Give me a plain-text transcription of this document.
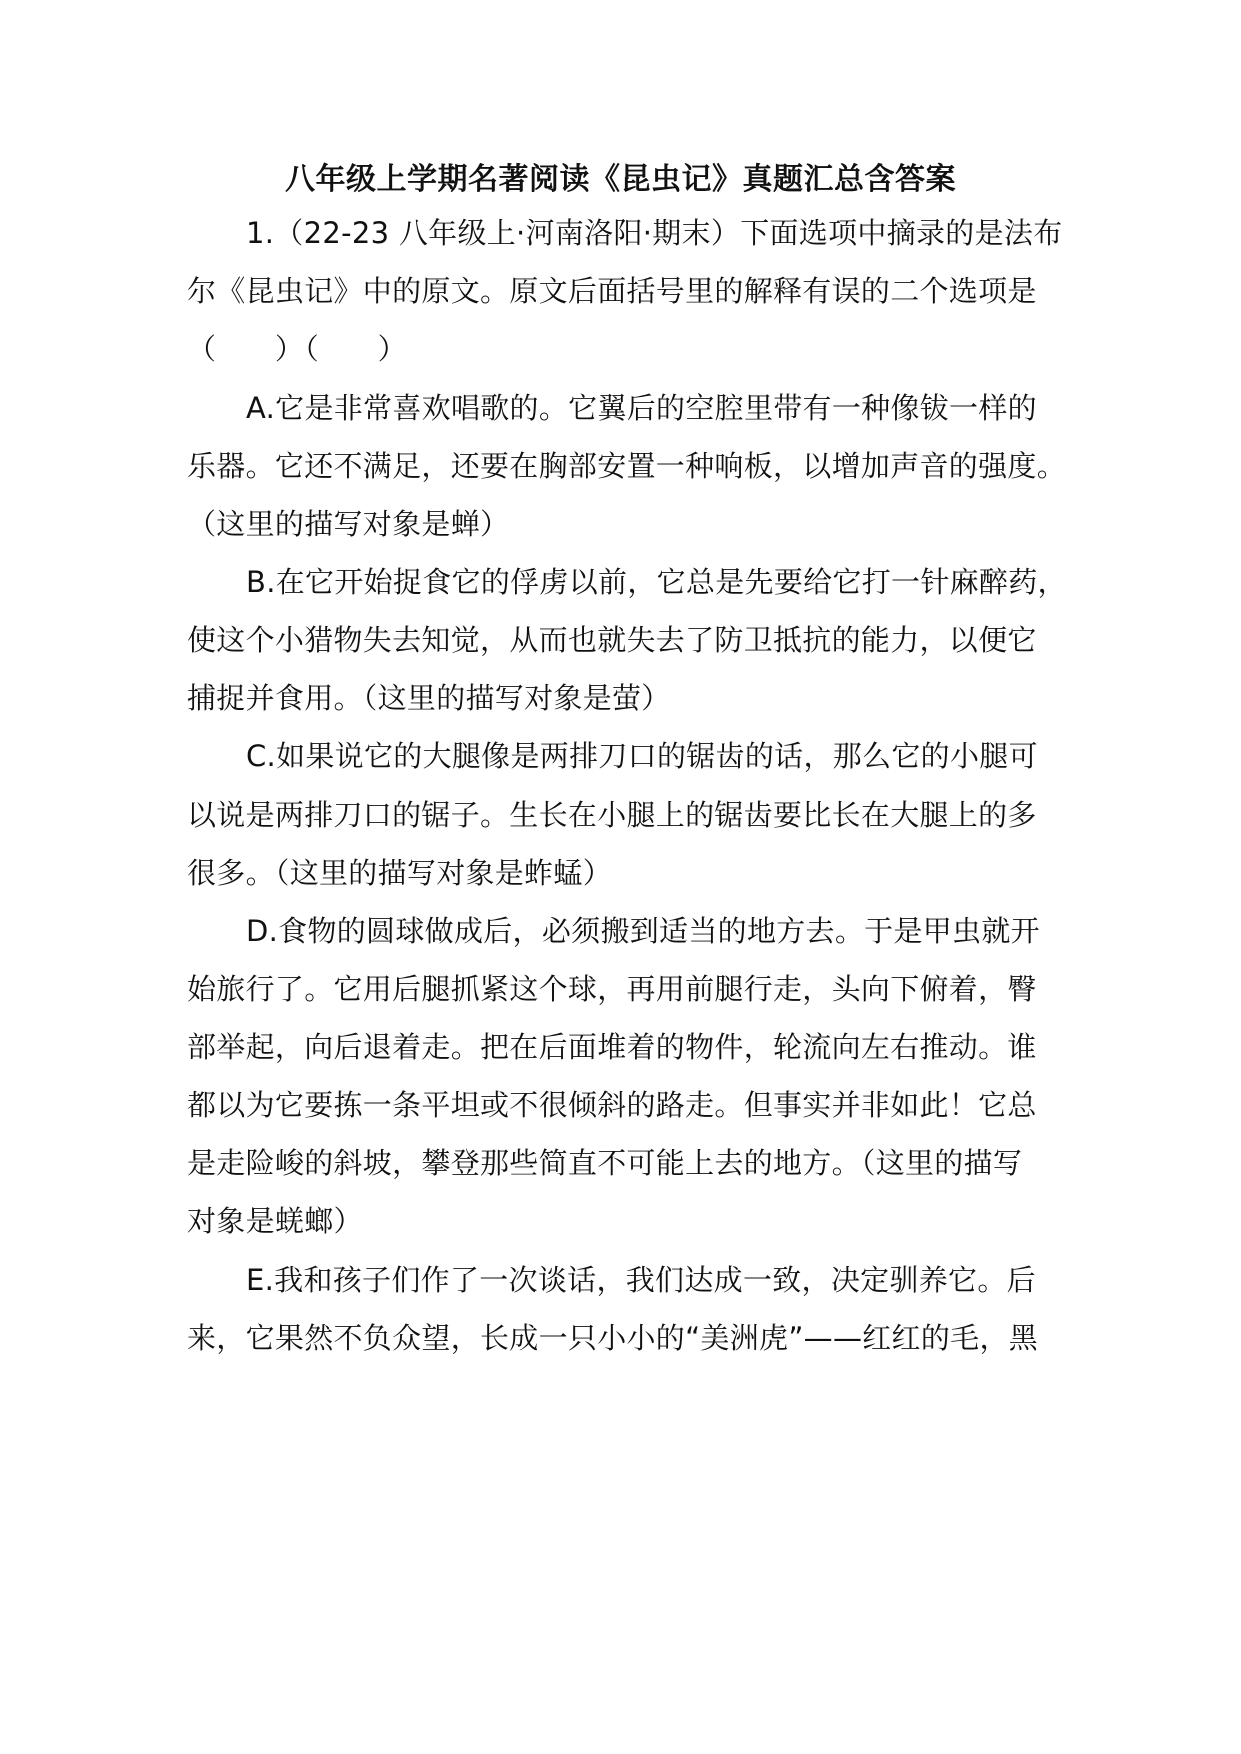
八年级上学期名著阅读《昆虫记》真题汇总含答案
1.（22-23 八年级上·河南洛阳·期末）下面选项中摘录的是法布
尔《昆虫记》中的原文。原文后面括号里的解释有误的二个选项是
（　　）（　　）
A.它是非常喜欢唱歌的。它翼后的空腔里带有一种像钹一样的
乐器。它还不满足，还要在胸部安置一种响板，以增加声音的强度。
（这里的描写对象是蝉）
B.在它开始捉食它的俘虏以前，它总是先要给它打一针麻醉药，
使这个小猎物失去知觉，从而也就失去了防卫抵抗的能力，以便它
捕捉并食用。（这里的描写对象是萤）
C.如果说它的大腿像是两排刀口的锯齿的话，那么它的小腿可
以说是两排刀口的锯子。生长在小腿上的锯齿要比长在大腿上的多
很多。（这里的描写对象是蚱蜢）
D.食物的圆球做成后，必须搬到适当的地方去。于是甲虫就开
始旅行了。它用后腿抓紧这个球，再用前腿行走，头向下俯着，臀
部举起，向后退着走。把在后面堆着的物件，轮流向左右推动。谁
都以为它要拣一条平坦或不很倾斜的路走。但事实并非如此！它总
是走险峻的斜坡，攀登那些简直不可能上去的地方。（这里的描写
对象是蜣螂）
E.我和孩子们作了一次谈话，我们达成一致，决定驯养它。后
来，它果然不负众望，长成一只小小的“美洲虎”——红红的毛，黑
